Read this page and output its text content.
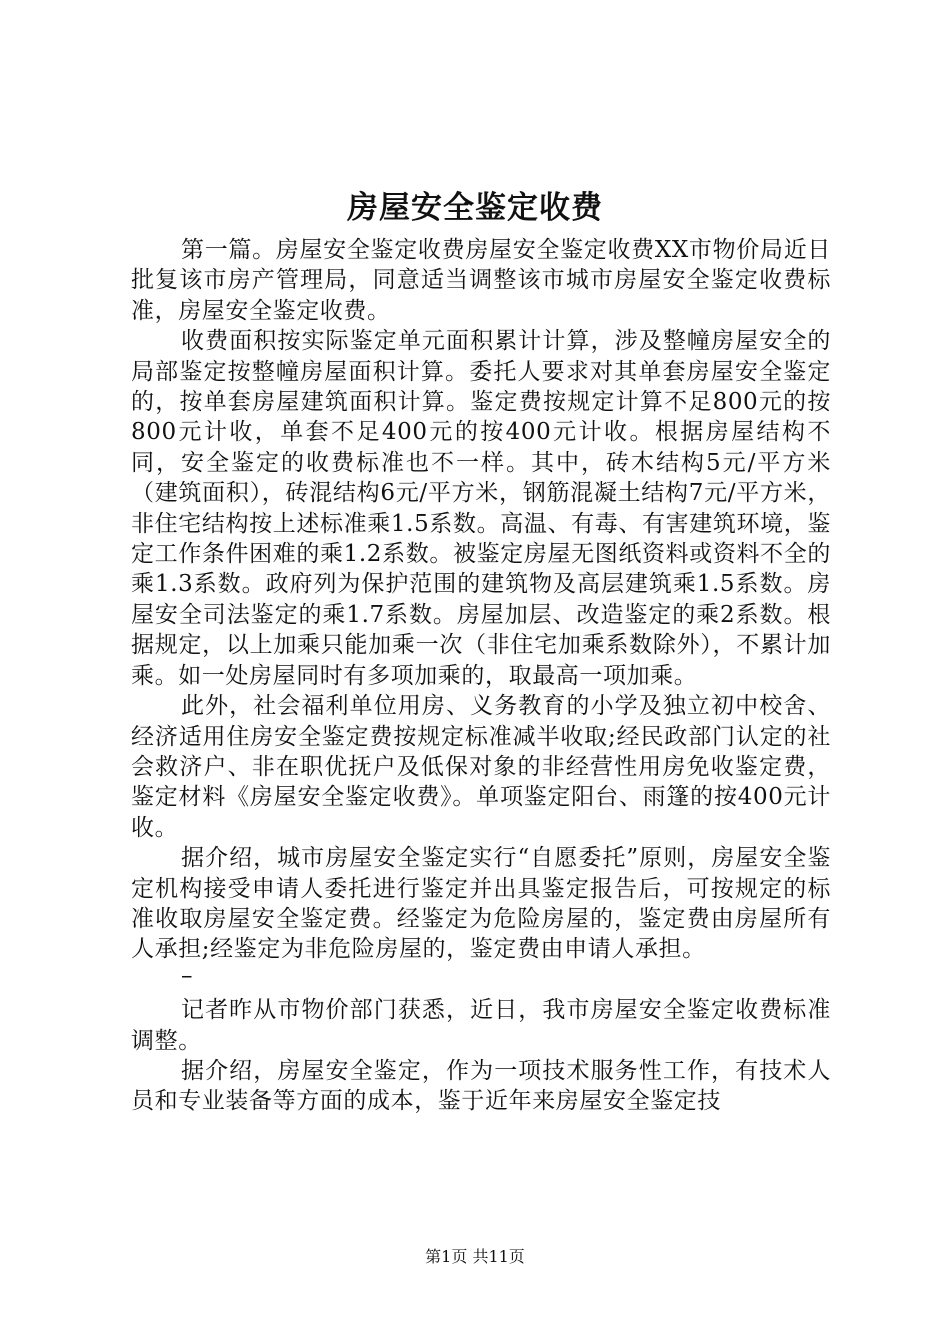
房屋安全鉴定收费

第一篇。房屋安全鉴定收费房屋安全鉴定收费XX市物价局近日批复该市房产管理局，同意适当调整该市城市房屋安全鉴定收费标准，房屋安全鉴定收费。

收费面积按实际鉴定单元面积累计计算，涉及整幢房屋安全的局部鉴定按整幢房屋面积计算。委托人要求对其单套房屋安全鉴定的，按单套房屋建筑面积计算。鉴定费按规定计算不足800元的按800元计收，单套不足400元的按400元计收。根据房屋结构不同，安全鉴定的收费标准也不一样。其中，砖木结构5元/平方米（建筑面积），砖混结构6元/平方米，钢筋混凝土结构7元/平方米，非住宅结构按上述标准乘1.5系数。高温、有毒、有害建筑环境，鉴定工作条件困难的乘1.2系数。被鉴定房屋无图纸资料或资料不全的乘1.3系数。政府列为保护范围的建筑物及高层建筑乘1.5系数。房屋安全司法鉴定的乘1.7系数。房屋加层、改造鉴定的乘2系数。根据规定，以上加乘只能加乘一次（非住宅加乘系数除外），不累计加乘。如一处房屋同时有多项加乘的，取最高一项加乘。

此外，社会福利单位用房、义务教育的小学及独立初中校舍、经济适用住房安全鉴定费按规定标准减半收取;经民政部门认定的社会救济户、非在职优抚户及低保对象的非经营性用房免收鉴定费，鉴定材料《房屋安全鉴定收费》。单项鉴定阳台、雨篷的按400元计收。

据介绍，城市房屋安全鉴定实行“自愿委托”原则，房屋安全鉴定机构接受申请人委托进行鉴定并出具鉴定报告后，可按规定的标准收取房屋安全鉴定费。经鉴定为危险房屋的，鉴定费由房屋所有人承担;经鉴定为非危险房屋的，鉴定费由申请人承担。

–

记者昨从市物价部门获悉，近日，我市房屋安全鉴定收费标准调整。

据介绍，房屋安全鉴定，作为一项技术服务性工作，有技术人员和专业装备等方面的成本，鉴于近年来房屋安全鉴定技

第1页 共11页
